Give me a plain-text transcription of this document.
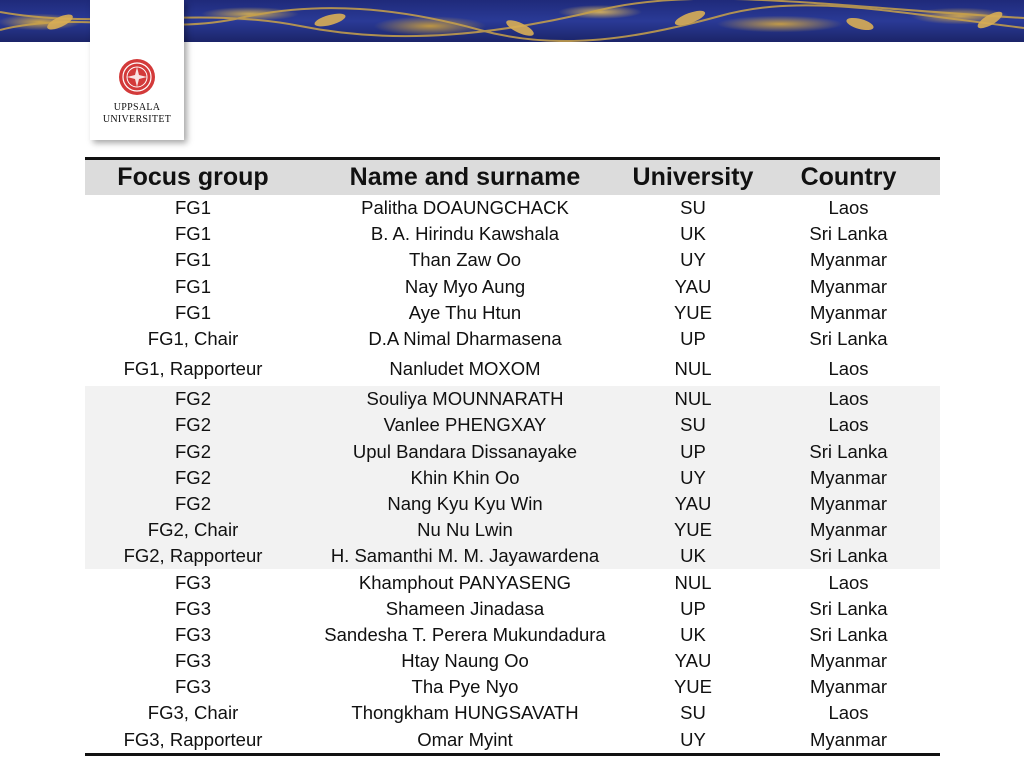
UPPSALA
UNIVERSITET
Focus group	Name and surname	University	Country
FG1	Palitha DOAUNGCHACK	SU	Laos
FG1	B. A. Hirindu Kawshala	UK	Sri Lanka
FG1	Than Zaw Oo	UY	Myanmar
FG1	Nay Myo Aung	YAU	Myanmar
FG1	Aye Thu Htun	YUE	Myanmar
FG1, Chair	D.A Nimal Dharmasena	UP	Sri Lanka
FG1, Rapporteur	Nanludet MOXOM	NUL	Laos
FG2	Souliya MOUNNARATH	NUL	Laos
FG2	Vanlee PHENGXAY	SU	Laos
FG2	Upul Bandara Dissanayake	UP	Sri Lanka
FG2	Khin Khin Oo	UY	Myanmar
FG2	Nang Kyu Kyu Win	YAU	Myanmar
FG2, Chair	Nu Nu Lwin	YUE	Myanmar
FG2, Rapporteur	H. Samanthi M. M. Jayawardena	UK	Sri Lanka
FG3	Khamphout PANYASENG	NUL	Laos
FG3	Shameen Jinadasa	UP	Sri Lanka
FG3	Sandesha T. Perera Mukundadura	UK	Sri Lanka
FG3	Htay Naung Oo	YAU	Myanmar
FG3	Tha Pye Nyo	YUE	Myanmar
FG3, Chair	Thongkham HUNGSAVATH	SU	Laos
FG3, Rapporteur	Omar Myint	UY	Myanmar
